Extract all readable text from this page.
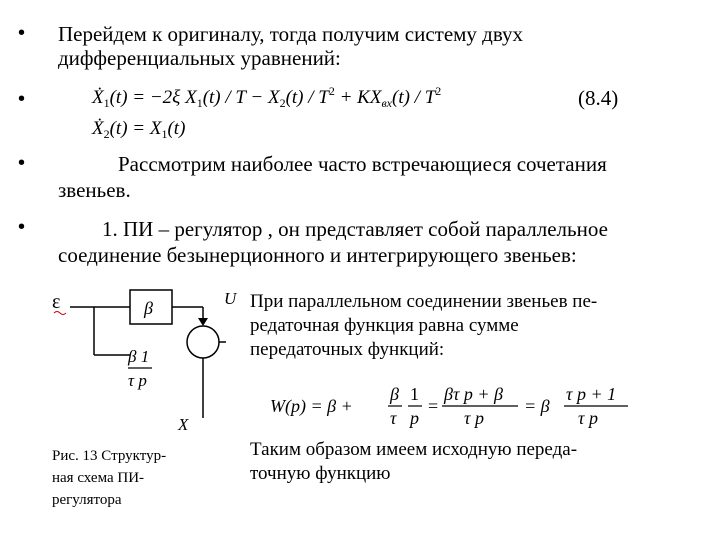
•
•
•
•
Перейдем к оригиналу, тогда получим систему двух
дифференциальных уравнений:
Ẋ$_1$(t) = −2ξ $X_1(t) / T - X_2(t) / T^2 + KX_{вх}(t) / T^2$	(8.4)
Ẋ$_2$(t) = $X_1(t)$
Рассмотрим наиболее часто встречающиеся сочетания
звеньев.
1. ПИ – регулятор , он представляет собой параллельное
соединение безынерционного и интегрирующего звеньев:
ε	β	U
β 1
τ p
X
Рис. 13 Структур-
ная схема ПИ-
регулятора
При параллельном соединении звеньев пе-
редаточная функция равна сумме
передаточных функций:
W(p) = β +
β
τ
1
p
=
βτ p + β
τ p
= β
τ p + 1
τ p
Таким образом имеем исходную переда-
точную функцию
